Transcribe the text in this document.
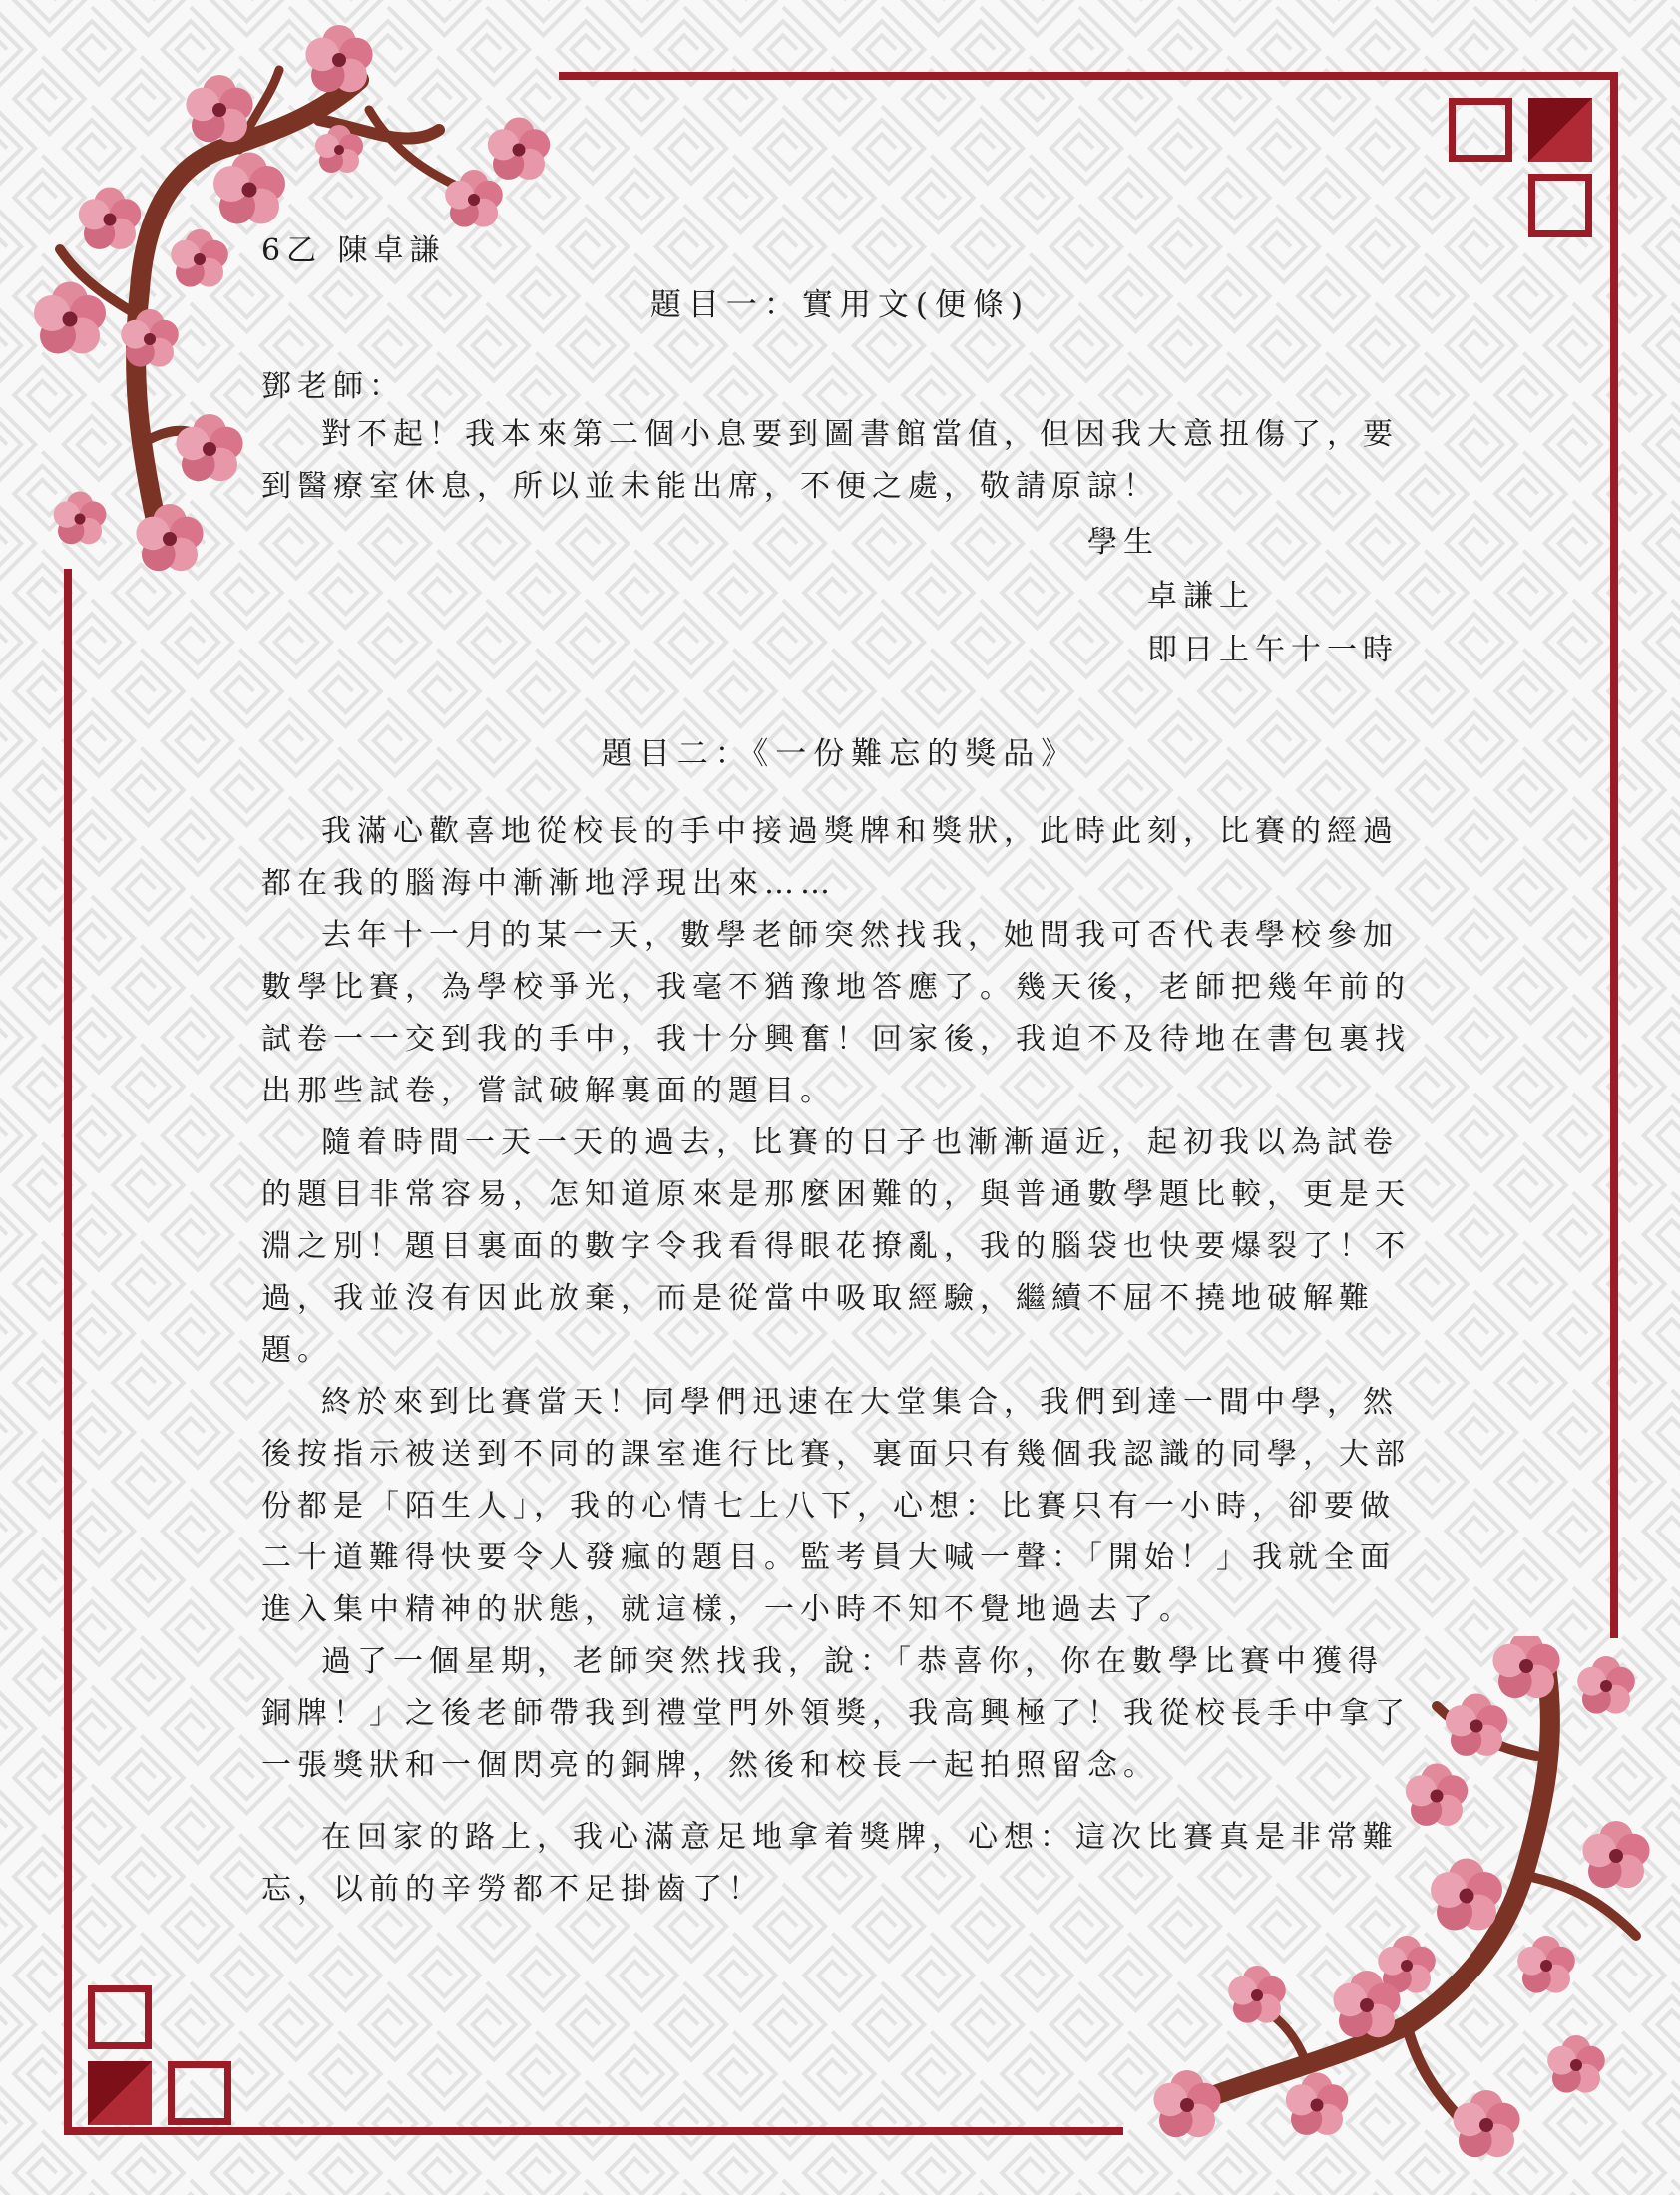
6乙 陳卓謙
題目一：實用文(便條)
鄧老師：

對不起！我本來第二個小息要到圖書館當值，但因我大意扭傷了，要到醫療室休息，所以並未能出席，不便之處，敬請原諒！

學生
卓謙上
即日上午十一時
題目二：《一份難忘的獎品》

我滿心歡喜地從校長的手中接過獎牌和獎狀，此時此刻，比賽的經過都在我的腦海中漸漸地浮現出來……

去年十一月的某一天，數學老師突然找我，她問我可否代表學校參加數學比賽，為學校爭光，我毫不猶豫地答應了。幾天後，老師把幾年前的試卷一一交到我的手中，我十分興奮！回家後，我迫不及待地在書包裏找出那些試卷，嘗試破解裏面的題目。

隨着時間一天一天的過去，比賽的日子也漸漸逼近，起初我以為試卷的題目非常容易，怎知道原來是那麼困難的，與普通數學題比較，更是天淵之別！題目裏面的數字令我看得眼花撩亂，我的腦袋也快要爆裂了！不過，我並沒有因此放棄，而是從當中吸取經驗，繼續不屈不撓地破解難題。

終於來到比賽當天！同學們迅速在大堂集合，我們到達一間中學，然後按指示被送到不同的課室進行比賽，裏面只有幾個我認識的同學，大部份都是「陌生人」，我的心情七上八下，心想：比賽只有一小時，卻要做二十道難得快要令人發瘋的題目。監考員大喊一聲：「開始！」我就全面進入集中精神的狀態，就這樣，一小時不知不覺地過去了。

過了一個星期，老師突然找我，說：「恭喜你，你在數學比賽中獲得銅牌！」之後老師帶我到禮堂門外領獎，我高興極了！我從校長手中拿了一張獎狀和一個閃亮的銅牌，然後和校長一起拍照留念。

在回家的路上，我心滿意足地拿着獎牌，心想：這次比賽真是非常難忘，以前的辛勞都不足掛齒了！
